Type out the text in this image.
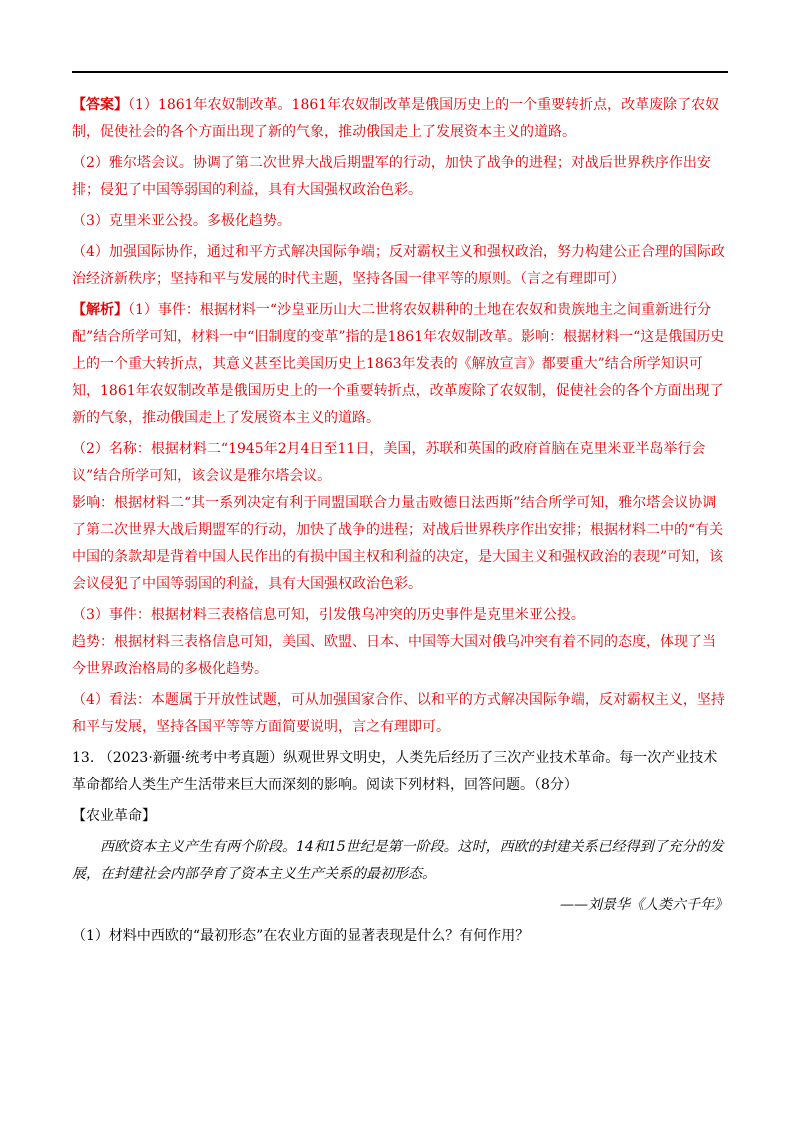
【答案】（1）1861年农奴制改革。1861年农奴制改革是俄国历史上的一个重要转折点，改革废除了农奴制，促使社会的各个方面出现了新的气象，推动俄国走上了发展资本主义的道路。

（2）雅尔塔会议。协调了第二次世界大战后期盟军的行动，加快了战争的进程；对战后世界秩序作出安排；侵犯了中国等弱国的利益，具有大国强权政治色彩。

（3）克里米亚公投。多极化趋势。

（4）加强国际协作，通过和平方式解决国际争端；反对霸权主义和强权政治，努力构建公正合理的国际政治经济新秩序；坚持和平与发展的时代主题，坚持各国一律平等的原则。（言之有理即可）

【解析】（1）事件：根据材料一“沙皇亚历山大二世将农奴耕种的土地在农奴和贵族地主之间重新进行分配”结合所学可知，材料一中“旧制度的变革”指的是1861年农奴制改革。影响：根据材料一“这是俄国历史上的一个重大转折点，其意义甚至比美国历史上1863年发表的《解放宣言》都要重大”结合所学知识可知，1861年农奴制改革是俄国历史上的一个重要转折点，改革废除了农奴制，促使社会的各个方面出现了新的气象，推动俄国走上了发展资本主义的道路。

（2）名称：根据材料二“1945年2月4日至11日，美国，苏联和英国的政府首脑在克里米亚半岛举行会议”结合所学可知，该会议是雅尔塔会议。

影响：根据材料二“其一系列决定有利于同盟国联合力量击败德日法西斯”结合所学可知，雅尔塔会议协调了第二次世界大战后期盟军的行动，加快了战争的进程；对战后世界秩序作出安排；根据材料二中的“有关中国的条款却是背着中国人民作出的有损中国主权和利益的决定，是大国主义和强权政治的表现”可知，该会议侵犯了中国等弱国的利益，具有大国强权政治色彩。

（3）事件：根据材料三表格信息可知，引发俄乌冲突的历史事件是克里米亚公投。

趋势：根据材料三表格信息可知，美国、欧盟、日本、中国等大国对俄乌冲突有着不同的态度，体现了当今世界政治格局的多极化趋势。

（4）看法：本题属于开放性试题，可从加强国家合作、以和平的方式解决国际争端，反对霸权主义，坚持和平与发展，坚持各国平等等方面简要说明，言之有理即可。

13. （2023·新疆·统考中考真题）纵观世界文明史，人类先后经历了三次产业技术革命。每一次产业技术革命都给人类生产生活带来巨大而深刻的影响。阅读下列材料，回答问题。（8分）

【农业革命】

西欧资本主义产生有两个阶段。14和15世纪是第一阶段。这时，西欧的封建关系已经得到了充分的发展，在封建社会内部孕育了资本主义生产关系的最初形态。

——刘景华《人类六千年》

（1）材料中西欧的“最初形态”在农业方面的显著表现是什么？有何作用？
